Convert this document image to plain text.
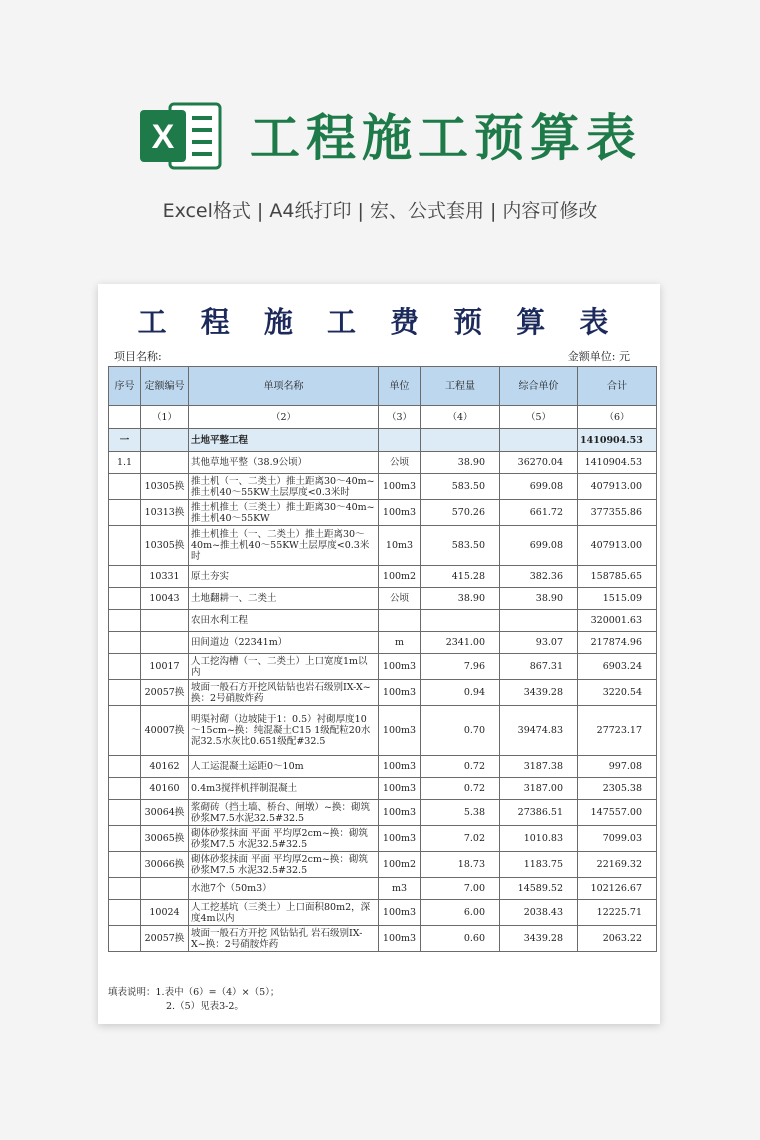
X 工程施工预算表
Excel格式 | A4纸打印 | 宏、公式套用 | 内容可修改
工 程 施 工 费 预 算 表
项目名称:	金额单位: 元
序号	定额编号	单项名称	单位	工程量	综合单价	合计
	（1）	（2）	（3）	（4）	（5）	（6）
一		土地平整工程				1410904.53
1.1		其他草地平整（38.9公顷）	公顷	38.90	36270.04	1410904.53
	10305换	推土机（一、二类土）推土距离30～40m~推土机40～55KW土层厚度<0.3米时	100m3	583.50	699.08	407913.00
	10313换	推土机推土（三类土）推土距离30～40m~推土机40～55KW	100m3	570.26	661.72	377355.86
	10305换	推土机推土（一、二类土）推土距离30～40m~推土机40～55KW土层厚度<0.3米时	10m3	583.50	699.08	407913.00
	10331	原土夯实	100m2	415.28	382.36	158785.65
	10043	土地翻耕一、二类土	公顷	38.90	38.90	1515.09
		农田水利工程				320001.63
		田间道边（22341m）	m	2341.00	93.07	217874.96
	10017	人工挖沟槽（一、二类土）上口宽度1m以内	100m3	7.96	867.31	6903.24
	20057换	坡面一般石方开挖风钻钻也岩石级别IX-X~换：2号硝胺炸药	100m3	0.94	3439.28	3220.54
	40007换	明渠衬砌（边坡陡于1：0.5）衬砌厚度10～15cm~换：纯混凝土C15 1级配粒20水泥32.5水灰比0.651级配#32.5	100m3	0.70	39474.83	27723.17
	40162	人工运混凝土运距0～10m	100m3	0.72	3187.38	997.08
	40160	0.4m3搅拌机拌制混凝土	100m3	0.72	3187.00	2305.38
	30064换	浆砌砖（挡土墙、桥台、闸墩）~换：砌筑砂浆M7.5水泥32.5#32.5	100m3	5.38	27386.51	147557.00
	30065换	砌体砂浆抹面 平面 平均厚2cm~换：砌筑砂浆M7.5 水泥32.5#32.5	100m3	7.02	1010.83	7099.03
	30066换	砌体砂浆抹面 平面 平均厚2cm~换：砌筑砂浆M7.5 水泥32.5#32.5	100m2	18.73	1183.75	22169.32
		水池7个（50m3）	m3	7.00	14589.52	102126.67
	10024	人工挖基坑（三类土）上口面积80m2，深度4m以内	100m3	6.00	2038.43	12225.71
	20057换	坡面一般石方开挖 风钻钻孔 岩石级别IX-X~换：2号硝胺炸药	100m3	0.60	3439.28	2063.22
填表说明：1.表中（6）=（4）×（5）；
2.（5）见表3-2。
